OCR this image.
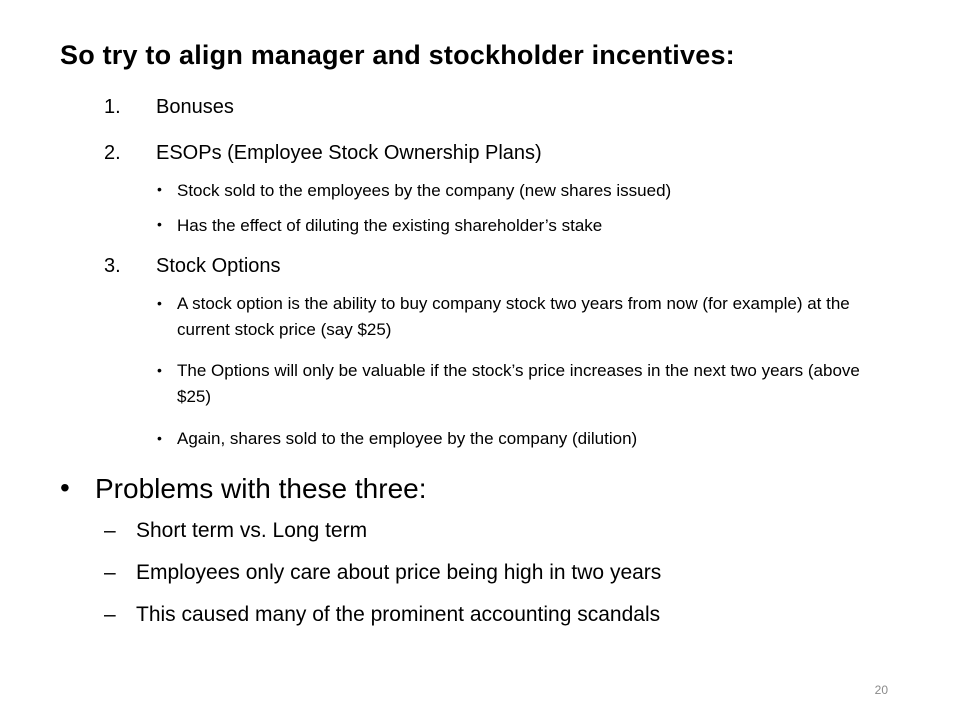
So try to align manager and stockholder incentives:
1. Bonuses
2. ESOPs (Employee Stock Ownership Plans)
• Stock sold to the employees by the company (new shares issued)
• Has the effect of diluting the existing shareholder’s stake
3. Stock Options
• A stock option is the ability to buy company stock two years from now (for example) at the current stock price (say $25)
• The Options will only be valuable if the stock’s price increases in the next two years (above $25)
• Again, shares sold to the employee by the company (dilution)
• Problems with these three:
– Short term vs. Long term
– Employees only care about price being high in two years
– This caused many of the prominent accounting scandals
20
